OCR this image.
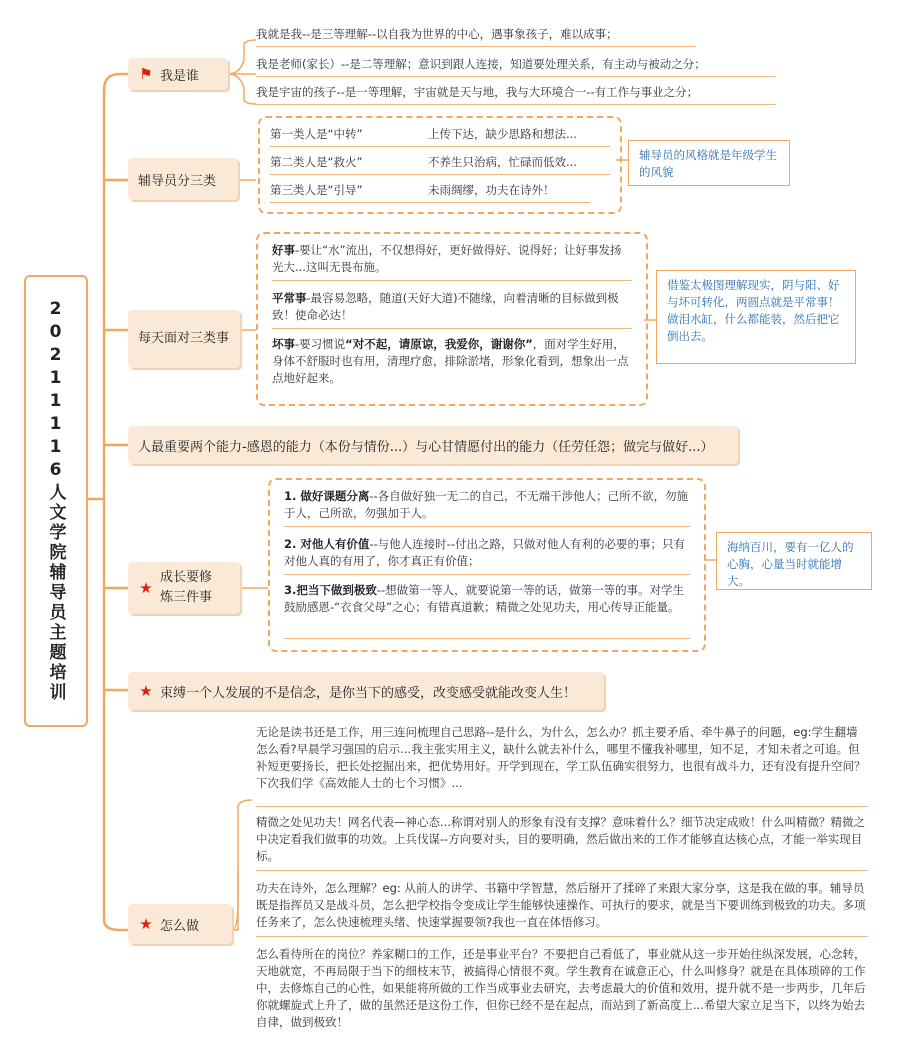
20211116人文学院辅导员主题培训
⚑ 我是谁
我就是我--是三等理解--以自我为世界的中心，遇事象孩子，难以成事；
我是老师(家长）--是二等理解；意识到跟人连接，知道要处理关系，有主动与被动之分；
我是宇宙的孩子--是一等理解，宇宙就是天与地，我与大环境合一--有工作与事业之分；
辅导员分三类
第一类人是“中转”	上传下达，缺少思路和想法...
第二类人是“救火”	不养生只治病，忙碌而低效...
第三类人是“引导”	未雨绸缪，功夫在诗外！
辅导员的风格就是年级学生的风貌
每天面对三类事
好事-要让“水”流出，不仅想得好，更好做得好、说得好；让好事发扬光大...这叫无畏布施。
平常事-最容易忽略，随道(天好大道)不随缘，向着清晰的目标做到极致！使命必达！
坏事-要习惯说“对不起，请原谅，我爱你，谢谢你”，面对学生好用，身体不舒服时也有用，清理疗愈，排除淤堵，形象化看到，想象出一点点地好起来。
借鉴太极图理解现实，阴与阳、好与坏可转化，两圆点就是平常事！做泪水缸，什么都能装，然后把它倒出去。
人最重要两个能力-感恩的能力（本份与情份...）与心甘情愿付出的能力（任劳任怨；做完与做好...）
★
成长要修炼三件事
1. 做好课题分离--各自做好独一无二的自己，不无端干涉他人；己所不欲，勿施于人，己所欲，勿强加于人。
2. 对他人有价值--与他人连接时--付出之路，只做对他人有利的必要的事；只有对他人真的有用了，你才真正有价值；
3.把当下做到极致--想做第一等人，就要说第一等的话，做第一等的事。对学生鼓励感恩-“衣食父母”之心；有错真道歉；精微之处见功夫，用心传导正能量。
海纳百川，要有一亿人的心胸，心量当时就能增大。
★ 束缚一个人发展的不是信念，是你当下的感受，改变感受就能改变人生！
★ 怎么做
无论是读书还是工作，用三连问梳理自己思路--是什么，为什么，怎么办？抓主要矛盾、牵牛鼻子的问题，eg:学生翻墙怎么看?早晨学习强国的启示...我主张实用主义，缺什么就去补什么，哪里不懂我补哪里，知不足，才知未者之可追。但补短更要扬长，把长处挖掘出来，把优势用好。开学到现在，学工队伍确实很努力，也很有战斗力，还有没有提升空间？下次我们学《高效能人士的七个习惯》...
精微之处见功夫！网名代表—神心态...称谓对别人的形象有没有支撑？意味着什么？细节决定成败！什么叫精微？精微之中决定看我们做事的功效。上兵伐谋--方向要对头，目的要明确，然后做出来的工作才能够直达核心点，才能一举实现目标。
功夫在诗外，怎么理解？eg: 从前人的讲学、书籍中学智慧，然后掰开了揉碎了来跟大家分享，这是我在做的事。辅导员既是指挥员又是战斗员，怎么把学校指令变成让学生能够快速操作、可执行的要求，就是当下要训练到极致的功夫。多项任务来了，怎么快速梳理头绪、快速掌握要领?我也一直在体悟修习。
怎么看待所在的岗位？养家糊口的工作，还是事业平台？不要把自己看低了，事业就从这一步开始往纵深发展，心念转，天地就宽，不再局限于当下的细枝末节，被搞得心情很不爽。学生教育在诚意正心，什么叫修身？就是在具体琐碎的工作中，去修炼自己的心性，如果能将所做的工作当成事业去研究，去考虑最大的价值和效用，提升就不是一步两步，几年后你就螺旋式上升了，做的虽然还是这份工作，但你已经不是在起点，而站到了新高度上...希望大家立足当下，以终为始去自律，做到极致！
